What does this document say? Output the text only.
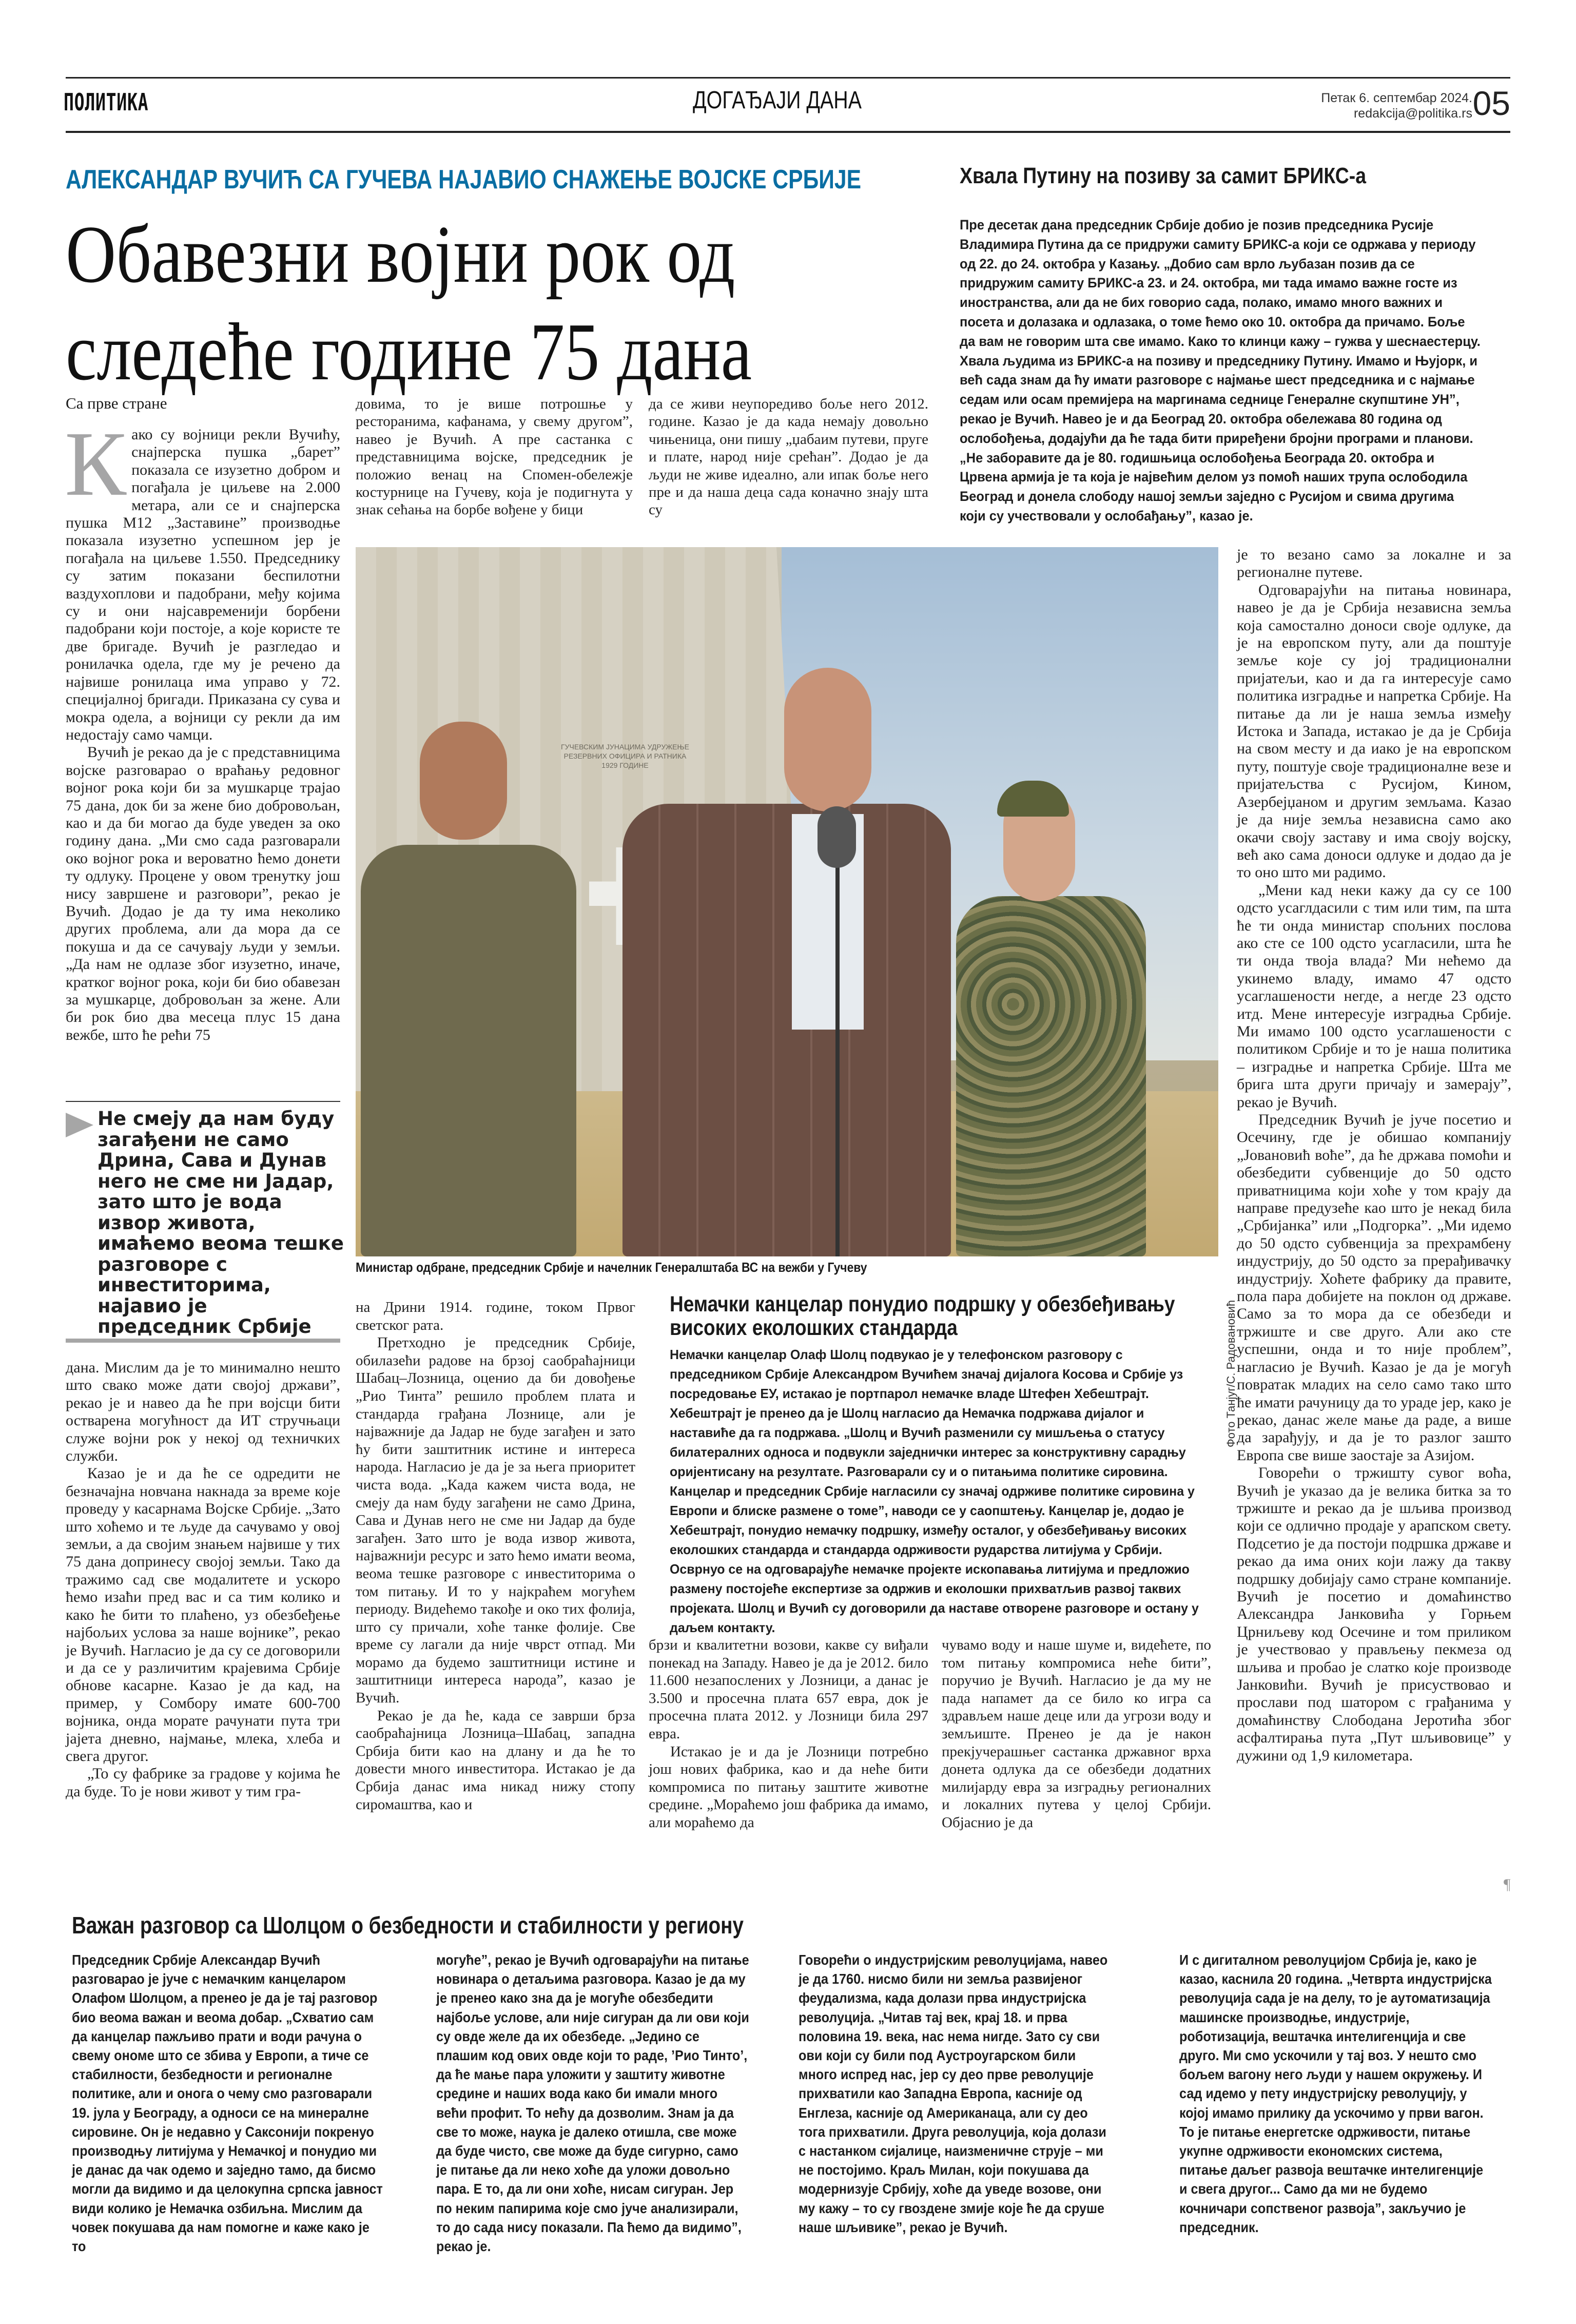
ПОЛИТИКА	ДОГАЂАЈИ ДАНА	Петак 6. септембар 2024.
redakcija@politika.rs 05
АЛЕКСАНДАР ВУЧИЋ СА ГУЧЕВА НАЈАВИО СНАЖЕЊЕ ВОЈСКЕ СРБИЈЕ
Обавезни војни рок од
следеће године 75 дана
Хвала Путину на позиву за самит БРИКС-а
Пре десетак дана председник Србије добио је позив председника Русије Владимира Путина да се придружи самиту БРИКС-а који се одржава у периоду од 22. до 24. октобра у Казању. „Добио сам врло љубазан позив да се придружим самиту БРИКС-а 23. и 24. октобра, ми тада имамо важне госте из иностранства, али да не бих говорио сада, полако, имамо много важних и посета и долазака и одлазака, о томе ћемо око 10. октобра да причамо. Боље да вам не говорим шта све имамо. Како то клинци кажу – гужва у шеснаестерцу. Хвала људима из БРИКС-а на позиву и председнику Путину. Имамо и Њујорк, и већ сада знам да ћу имати разговоре с најмање шест председника и с најмање седам или осам премијера на маргинама седнице Генералне скупштине УН”, рекао је Вучић. Навео је и да Београд 20. октобра обележава 80 година од ослобођења, додајући да ће тада бити приређени бројни програми и планови. „Не заборавите да је 80. годишњица ослобођења Београда 20. октобра и Црвена армија је та која је највећим делом уз помоћ наших трупа ослободила Београд и донела слободу нашој земљи заједно с Русијом и свима другима који су учествовали у ослобађању”, казао је.
Са прве стране

Како су војници рекли Вучићу, снајперска пушка „барет” показала се изузетно добром и погађала је циљеве на 2.000 метара, али се и снајперска пушка М12 „Заставине” производње показала изузетно успешном јер је погађала на циљеве 1.550. Председнику су затим показани беспилотни ваздухоплови и падобрани, међу којима су и они најсавременији борбени падобрани који постоје, а које користе те две бригаде. Вучић је разгледао и ронилачка одела, где му је речено да највише ронилаца има управо у 72. специјалној бригади. Приказана су сува и мокра одела, а војници су рекли да им недостају само чамци.

Вучић је рекао да је с представницима војске разговарао о враћању редовног војног рока који би за мушкарце трајао 75 дана, док би за жене био добровољан, као и да би могао да буде уведен за око годину дана. „Ми смо сада разговарали око војног рока и вероватно ћемо донети ту одлуку. Процене у овом тренутку још нису завршене и разговори”, рекао је Вучић. Додао је да ту има неколико других проблема, али да мора да се покуша и да се сачувају људи у земљи. „Да нам не одлазе због изузетно, иначе, кратког војног рока, који би био обавезан за мушкарце, добровољан за жене. Али би рок био два месеца плус 15 дана вежбе, што ће рећи 75

Не смеју да нам буду загађени не само Дрина, Сава и Дунав него не сме ни Јадар, зато што је вода извор живота, имаћемо веома тешке разговоре с инвеститорима, најавио је председник Србије

дана. Мислим да је то минимално нешто што свако може дати својој држави”, рекао је и навео да ће при војсци бити остварена могућност да ИТ стручњаци служе војни рок у некој од техничких служби.

Казао је и да ће се одредити не безначајна новчана накнада за време које проведу у касарнама Војске Србије. „Зато што хоћемо и те људе да сачувамо у овој земљи, а да својим знањем највише у тих 75 дана допринесу својој земљи. Тако да тражимо сад све модалитете и ускоро ћемо изаћи пред вас и са тим колико и како ће бити то плаћено, уз обезбеђење најбољих услова за наше војнике”, рекао је Вучић. Нагласио је да су се договорили и да се у различитим крајевима Србије обнове касарне. Казао је да кад, на пример, у Сомбору имате 600-700 војника, онда морате рачунати пута три јајета дневно, најмање, млека, хлеба и свега другог.

„То су фабрике за градове у којима ће да буде. То је нови живот у тим гра-

довима, то је више потрошње у ресторанима, кафанама, у свему другом”, навео је Вучић. А пре састанка с представницима војске, председник је положио венац на Спомен-обележје костурнице на Гучеву, која је подигнута у знак сећања на борбе вођене у бици

да се живи неупоредиво боље него 2012. године. Казао је да када немају довољно чињеница, они пишу „џабаим путеви, пруге и плате, народ није срећан”. Додао је да људи не живе идеално, али ипак боље него пре и да наша деца сада коначно знају шта су

ГУЧЕВСКИМ ЈУНАЦИМА УДРУЖЕЊЕ РЕЗЕРВНИХ ОФИЦИРА И РАТНИКА 1929 ГОДИНЕ
Фото Танјуг/С. Радовановић
Министар одбране, председник Србије и начелник Генералштаба ВС на вежби у Гучеву

на Дрини 1914. године, током Првог светског рата.

Претходно је председник Србије, обилазећи радове на брзој саобраћајници Шабац–Лозница, оценио да би довођење „Рио Тинта” решило проблем плата и стандарда грађана Лознице, али је најважније да Јадар не буде загађен и зато ћу бити заштитник истине и интереса народа. Нагласио је да је за њега приоритет чиста вода. „Када кажем чиста вода, не смеју да нам буду загађени не само Дрина, Сава и Дунав него не сме ни Јадар да буде загађен. Зато што је вода извор живота, најважнији ресурс и зато ћемо имати веома, веома тешке разговоре с инвеститорима о том питању. И то у најкраћем могућем периоду. Видећемо такође и око тих фолија, што су причали, хоће танке фолије. Све време су лагали да није чврст отпад. Ми морамо да будемо заштитници истине и заштитници интереса народа”, казао је Вучић.

Рекао је да ће, када се заврши брза саобраћајница Лозница–Шабац, западна Србија бити као на длану и да ће то довести много инвеститора. Истакао је да Србија данас има никад нижу стопу сиромаштва, као и

Немачки канцелар понудио подршку у обезбеђивању високих еколошких стандарда
Немачки канцелар Олаф Шолц подвукао је у телефонском разговору с председником Србије Александром Вучићем значај дијалога Косова и Србије уз посредовање ЕУ, истакао је портпарол немачке владе Штефен Хебештрајт. Хебештрајт је пренео да је Шолц нагласио да Немачка подржава дијалог и наставиће да га подржава. „Шолц и Вучић разменили су мишљења о статусу билатералних односа и подвукли заједнички интерес за конструктивну сарадњу оријентисану на резултате. Разговарали су и о питањима политике сировина. Канцелар и председник Србије нагласили су значај одрживе политике сировина у Европи и блиске размене о томе”, наводи се у саопштењу. Канцелар је, додао је Хебештрајт, понудио немачку подршку, између осталог, у обезбеђивању високих еколошких стандарда и стандарда одрживости рударства литијума у Србији. Осврнуо се на одговарајуће немачке пројекте ископавања литијума и предложио размену постојеће експертизе за одржив и еколошки прихватљив развој таквих пројеката. Шолц и Вучић су договорили да наставе отворене разговоре и остану у даљем контакту.

брзи и квалитетни возови, какве су виђали понекад на Западу. Навео је да је 2012. било 11.600 незапослених у Лозници, а данас је 3.500 и просечна плата 657 евра, док је просечна плата 2012. у Лозници била 297 евра.

Истакао је и да је Лозници потребно још нових фабрика, као и да неће бити компромиса по питању заштите животне средине. „Мораћемо још фабрика да имамо, али мораћемо да

чувамо воду и наше шуме и, видећете, по том питању компромиса неће бити”, поручио је Вучић. Нагласио је да му не пада напамет да се било ко игра са здрављем наше деце или да угрози воду и земљиште. Пренео је да је након прекјучерашњег састанка државног врха донета одлука да се обезбеди додатних милијарду евра за изградњу регионалних и локалних путева у целој Србији. Објаснио је да

је то везано само за локалне и за регионалне путеве.

Одговарајући на питања новинара, навео је да је Србија независна земља која самостално доноси своје одлуке, да је на европском путу, али да поштује земље које су јој традиционални пријатељи, као и да га интересује само политика изградње и напретка Србије. На питање да ли је наша земља између Истока и Запада, истакао је да је Србија на свом месту и да иако је на европском путу, поштује своје традиционалне везе и пријатељства с Русијом, Кином, Азербејџаном и другим земљама. Казао је да није земља независна само ако окачи своју заставу и има своју војску, већ ако сама доноси одлуке и додао да је то оно што ми радимо.

„Мени кад неки кажу да су се 100 одсто усаглдасили с тим или тим, па шта ће ти онда министар спољних послова ако сте се 100 одсто усагласили, шта ће ти онда твоја влада? Ми нећемо да укинемо владу, имамо 47 одсто усаглашености негде, а негде 23 одсто итд. Мене интересује изградња Србије. Ми имамо 100 одсто усаглашености с политиком Србије и то је наша политика – изградње и напретка Србије. Шта ме брига шта други причају и замерају”, рекао је Вучић.

Председник Вучић је јуче посетио и Осечину, где је обишао компанију „Јовановић воће”, да ће држава помоћи и обезбедити субвенције до 50 одсто приватницима који хоће у том крају да направе предузеће као што је некад била „Србијанка” или „Подгорка”. „Ми идемо до 50 одсто субвенција за прехрамбену индустрију, до 50 одсто за прерађивачку индустрију. Хоћете фабрику да правите, пола пара добијете на поклон од државе. Само за то мора да се обезбеди и тржиште и све друго. Али ако сте успешни, онда и то није проблем”, нагласио је Вучић. Казао је да је могућ повратак младих на село само тако што ће имати рачуницу да то ураде јер, како је рекао, данас желе мање да раде, а више да зарађују, и да је то разлог зашто Европа све више заостаје за Азијом.

Говорећи о тржишту сувог воћа, Вучић је указао да је велика битка за то тржиште и рекао да је шљива производ који се одлично продаје у арапском свету. Подсетио је да постоји подршка државе и рекао да има оних који лажу да такву подршку добијају само стране компаније. Вучић је посетио и домаћинство Александра Јанковића у Горњем Црниљеву код Осечине и том приликом је учествовао у прављењу пекмеза од шљива и пробао је слатко које производе Јанковићи. Вучић је присуствовао и прослави под шатором с грађанима у домаћинству Слободана Јеротића због асфалтирања пута „Пут шљивовице” у дужини од 1,9 километара.

¶
Важан разговор са Шолцом о безбедности и стабилности у региону
Председник Србије Александар Вучић разговарао је јуче с немачким канцеларом Олафом Шолцом, а пренео је да је тај разговор био веома важан и веома добар. „Схватио сам да канцелар пажљиво прати и води рачуна о свему ономе што се збива у Европи, а тиче се стабилности, безбедности и регионалне политике, али и онога о чему смо разговарали 19. јула у Београду, а односи се на минералне сировине. Он је недавно у Саксонији покренуо производњу литијума у Немачкој и понудио ми је данас да чак одемо и заједно тамо, да бисмо могли да видимо и да целокупна српска јавност види колико је Немачка озбиљна. Мислим да човек покушава да нам помогне и каже како је то
могуће”, рекао је Вучић одговарајући на питање новинара о детаљима разговора. Казао је да му је пренео како зна да је могуће обезбедити најбоље услове, али није сигуран да ли ови који су овде желе да их обезбеде. „Једино се плашим код ових овде који то раде, ’Рио Тинто’, да ће мање пара уложити у заштиту животне средине и наших вода како би имали много већи профит. То нећу да дозволим. Знам ја да све то може, наука је далеко отишла, све може да буде чисто, све може да буде сигурно, само је питање да ли неко хоће да уложи довољно пара. Е то, да ли они хоће, нисам сигуран. Јер по неким папирима које смо јуче анализирали, то до сада нису показали. Па ћемо да видимо”, рекао је.
Говорећи о индустријским револуцијама, навео је да 1760. нисмо били ни земља развијеног феудализма, када долази прва индустријска револуција. „Читав тај век, крај 18. и прва половина 19. века, нас нема нигде. Зато су сви ови који су били под Аустроугарском били много испред нас, јер су део прве револуције прихватили као Западна Европа, касније од Енглеза, касније од Американаца, али су део тога прихватили. Друга револуција, која долази с настанком сијалице, наизменичне струје – ми не постојимо. Краљ Милан, који покушава да модернизује Србију, хоће да уведе возове, они му кажу – то су гвоздене змије које ће да сруше наше шљивике”, рекао је Вучић.
И с дигиталном револуцијом Србија је, како је казао, каснила 20 година. „Четврта индустријска револуција сада је на делу, то је аутоматизација машинске производње, индустрије, роботизација, вештачка интелигенција и све друго. Ми смо ускочили у тај воз. У нешто смо бољем вагону него људи у нашем окружењу. И сад идемо у пету индустријску револуцију, у којој имамо прилику да ускочимо у први вагон. То је питање енергетске одрживости, питање укупне одрживости економских система, питање даљег развоја вештачке интелигенције и свега другог... Само да ми не будемо кочничари сопственог развоја”, закључио је председник.
